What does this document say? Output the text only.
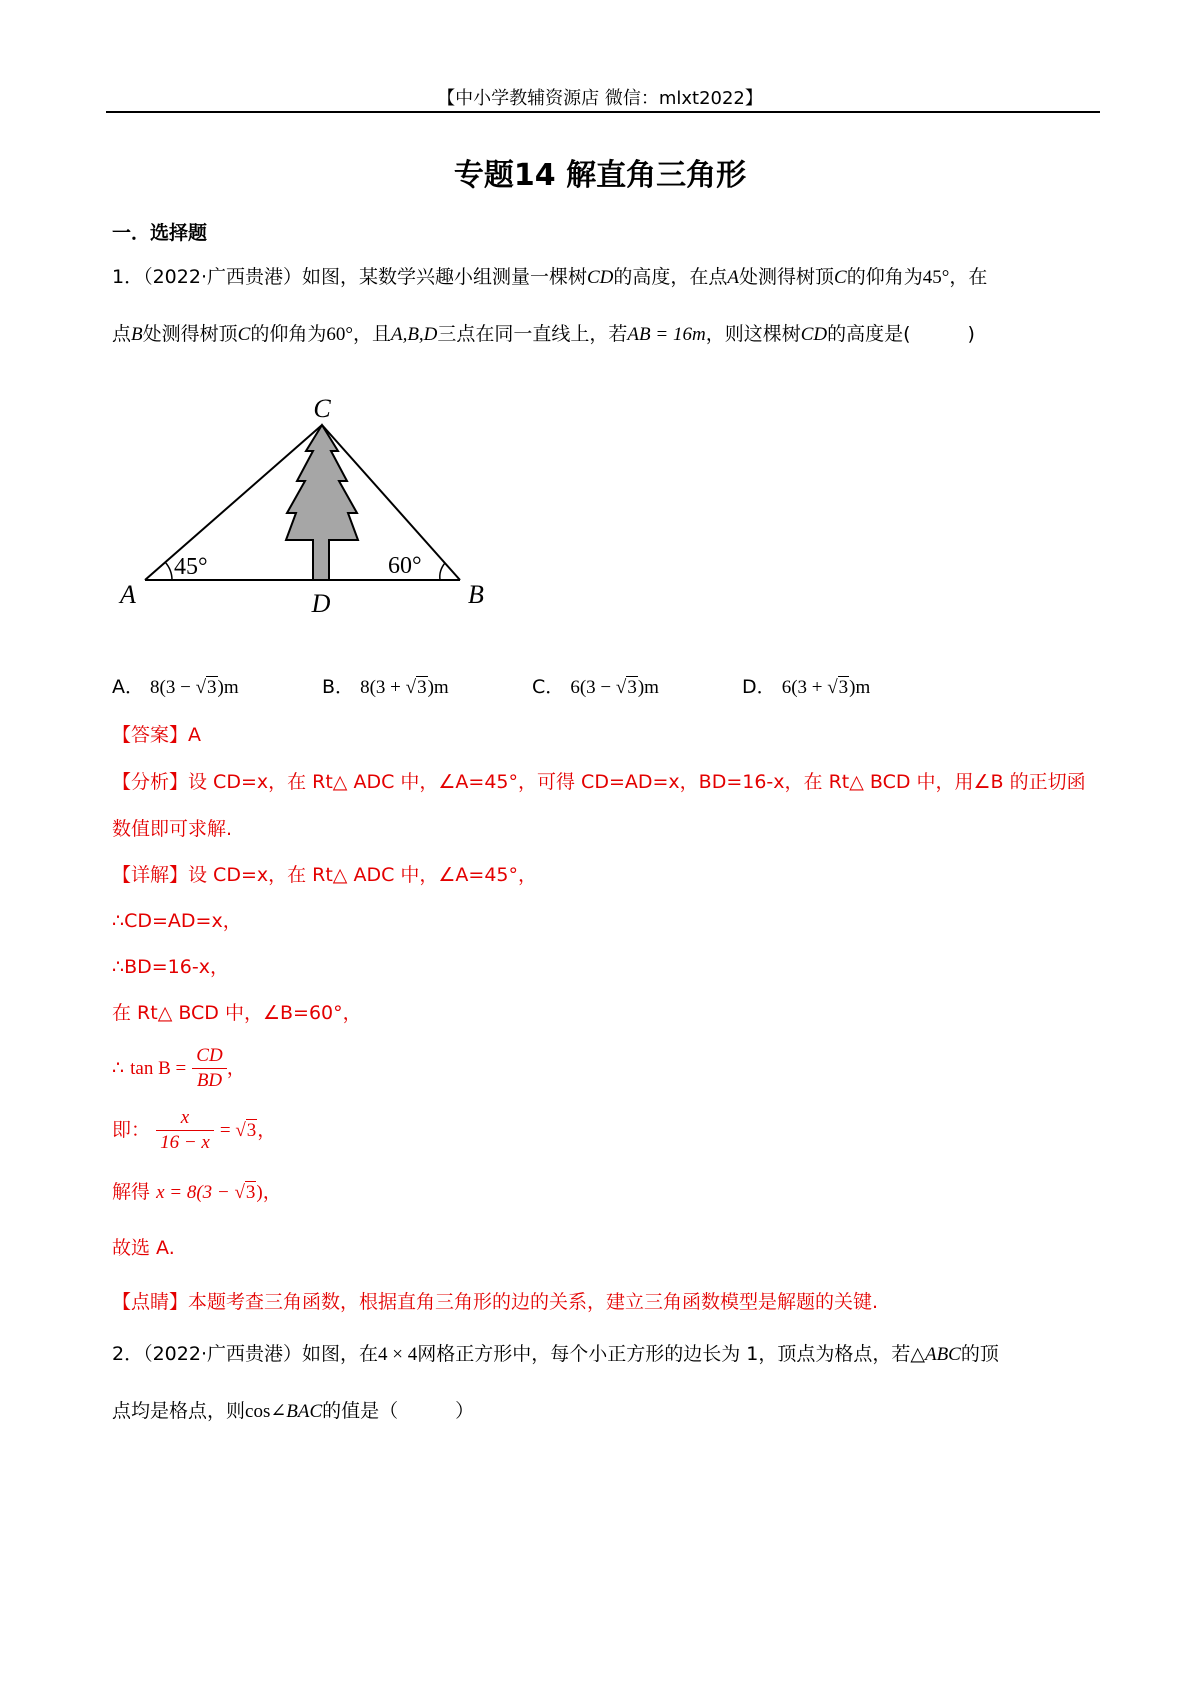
【中小学教辅资源店 微信：mlxt2022】
专题14 解直角三角形
一．选择题
1．（2022·广西贵港）如图，某数学兴趣小组测量一棵树CD的高度，在点A处测得树顶C的仰角为45°，在
点B处测得树顶C的仰角为60°，且A,B,D三点在同一直线上，若AB = 16m，则这棵树CD的高度是(　　　)
C
A	B
D
45°	60°
A． 8(3 − √3)m	B． 8(3 + √3)m	C． 6(3 − √3)m	D． 6(3 + √3)m
【答案】A
【分析】设 CD=x，在 Rt△ ADC 中，∠A=45°，可得 CD=AD=x，BD=16-x，在 Rt△ BCD 中，用∠B 的正切函
数值即可求解.
【详解】设 CD=x，在 Rt△ ADC 中，∠A=45°，
∴CD=AD=x，
∴BD=16-x，
在 Rt△ BCD 中，∠B=60°，
∴ $\tan B = \frac{CD}{BD}$ ，
即： $\frac{x}{16 - x} = √3$，
解得 x = 8(3 − √3)，
故选 A.
【点睛】本题考查三角函数，根据直角三角形的边的关系，建立三角函数模型是解题的关键.
2．（2022·广西贵港）如图，在4 × 4网格正方形中，每个小正方形的边长为 1，顶点为格点，若△ABC的顶
点均是格点，则cos∠BAC的值是（　　　）
